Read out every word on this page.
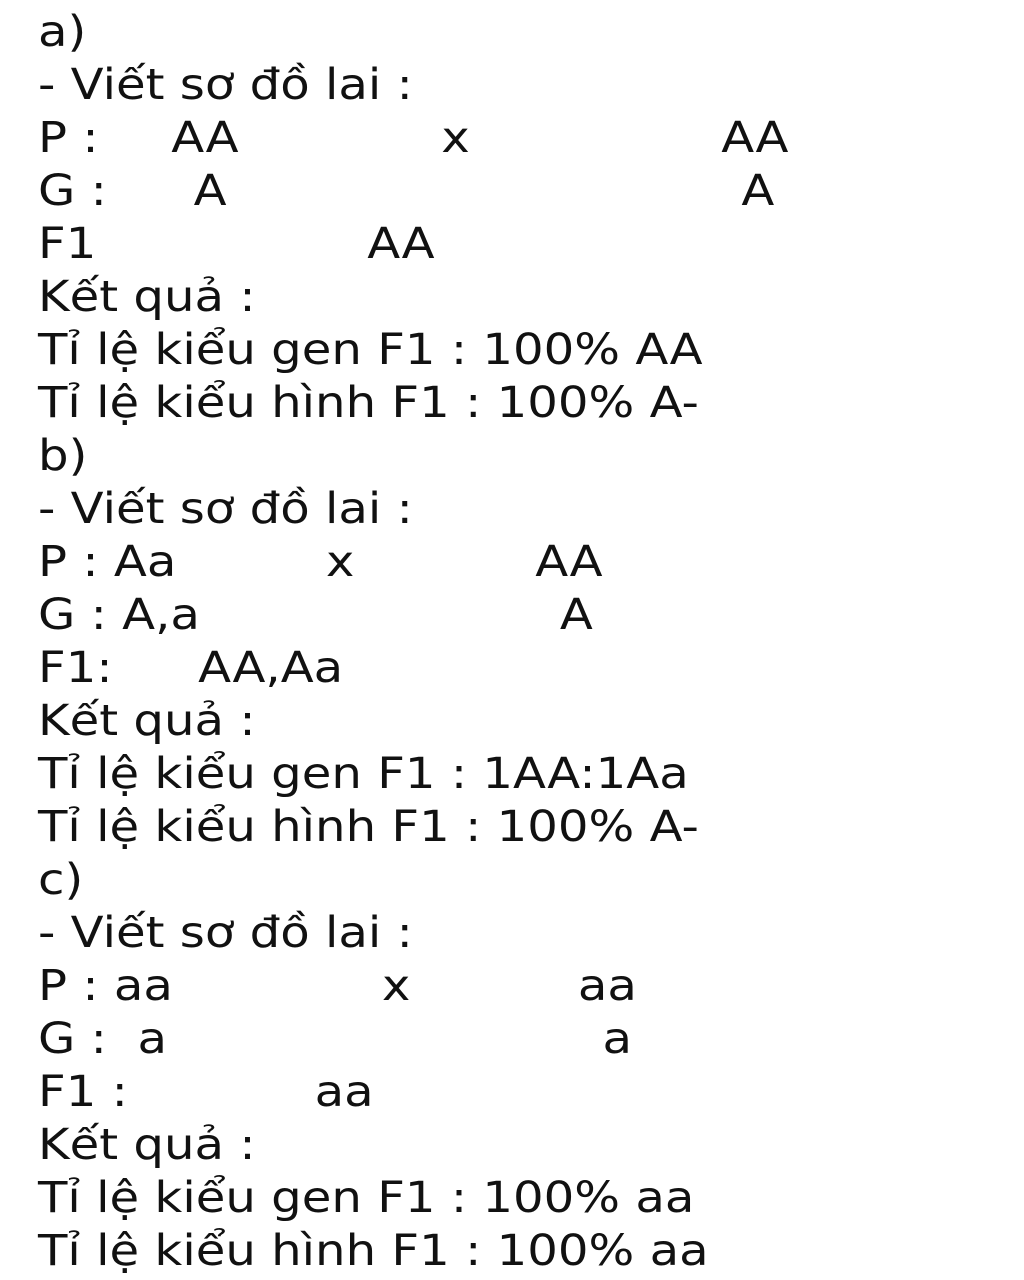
a)
- Viết sơ đồ lai :
P : AA	x	AA
G : A	A
F1	AA
Kết quả :
Tỉ lệ kiểu gen F1 : 100% AA
Tỉ lệ kiểu hình F1 : 100% A-
b)
- Viết sơ đồ lai :
P : Aa	x	AA
G : A,a	A
F1: AA,Aa
Kết quả :
Tỉ lệ kiểu gen F1 : 1AA:1Aa
Tỉ lệ kiểu hình F1 : 100% A-
c)
- Viết sơ đồ lai :
P : aa	x	aa
G :  a	a
F1 :	aa
Kết quả :
Tỉ lệ kiểu gen F1 : 100% aa
Tỉ lệ kiểu hình F1 : 100% aa
